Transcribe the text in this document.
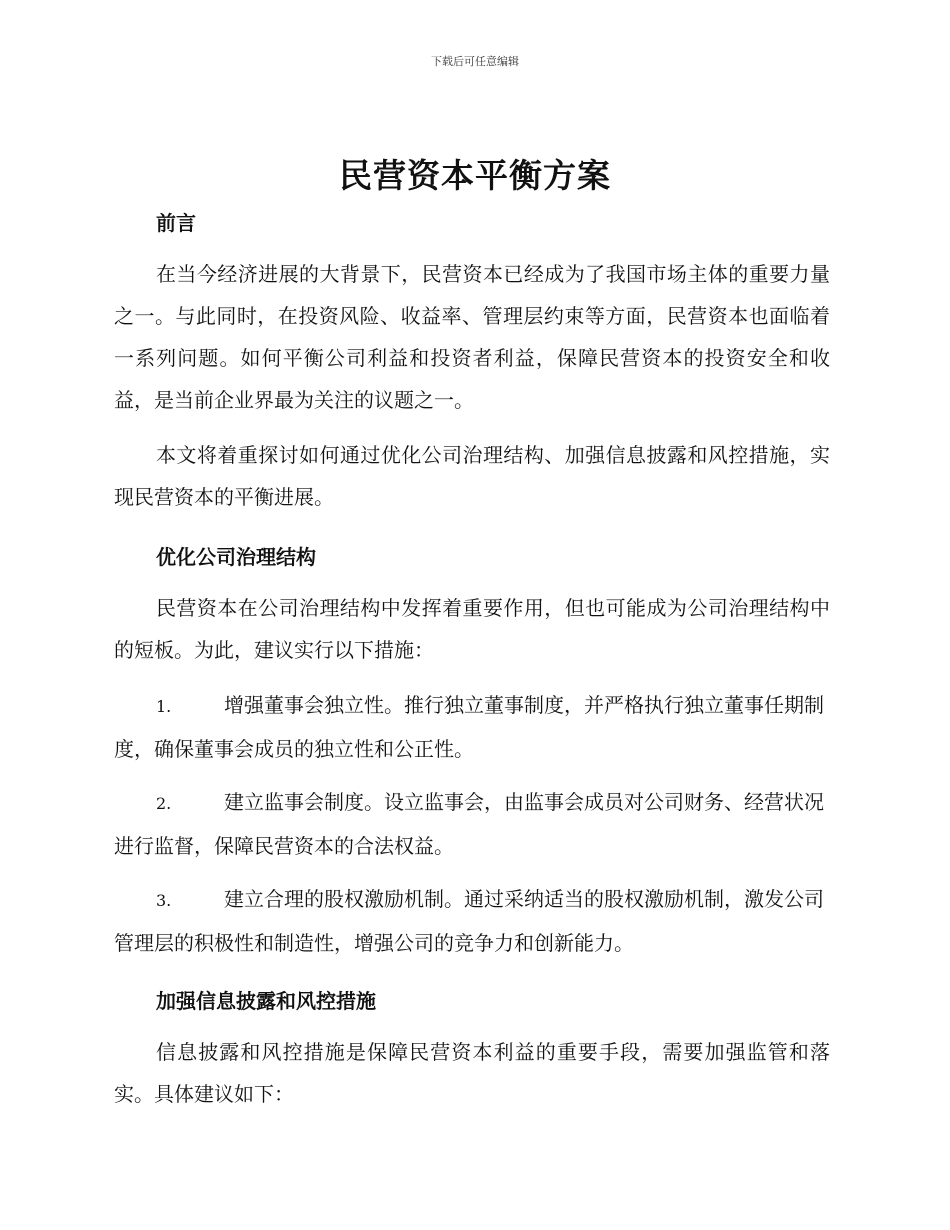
下载后可任意编辑
民营资本平衡方案
前言

在当今经济进展的大背景下，民营资本已经成为了我国市场主体的重要力量之一。与此同时，在投资风险、收益率、管理层约束等方面，民营资本也面临着一系列问题。如何平衡公司利益和投资者利益，保障民营资本的投资安全和收益，是当前企业界最为关注的议题之一。

本文将着重探讨如何通过优化公司治理结构、加强信息披露和风控措施，实现民营资本的平衡进展。

优化公司治理结构

民营资本在公司治理结构中发挥着重要作用，但也可能成为公司治理结构中的短板。为此，建议实行以下措施：

1.	增强董事会独立性。推行独立董事制度，并严格执行独立董事任期制度，确保董事会成员的独立性和公正性。
2.	建立监事会制度。设立监事会，由监事会成员对公司财务、经营状况进行监督，保障民营资本的合法权益。
3.	建立合理的股权激励机制。通过采纳适当的股权激励机制，激发公司管理层的积极性和制造性，增强公司的竞争力和创新能力。
加强信息披露和风控措施

信息披露和风控措施是保障民营资本利益的重要手段，需要加强监管和落实。具体建议如下：
